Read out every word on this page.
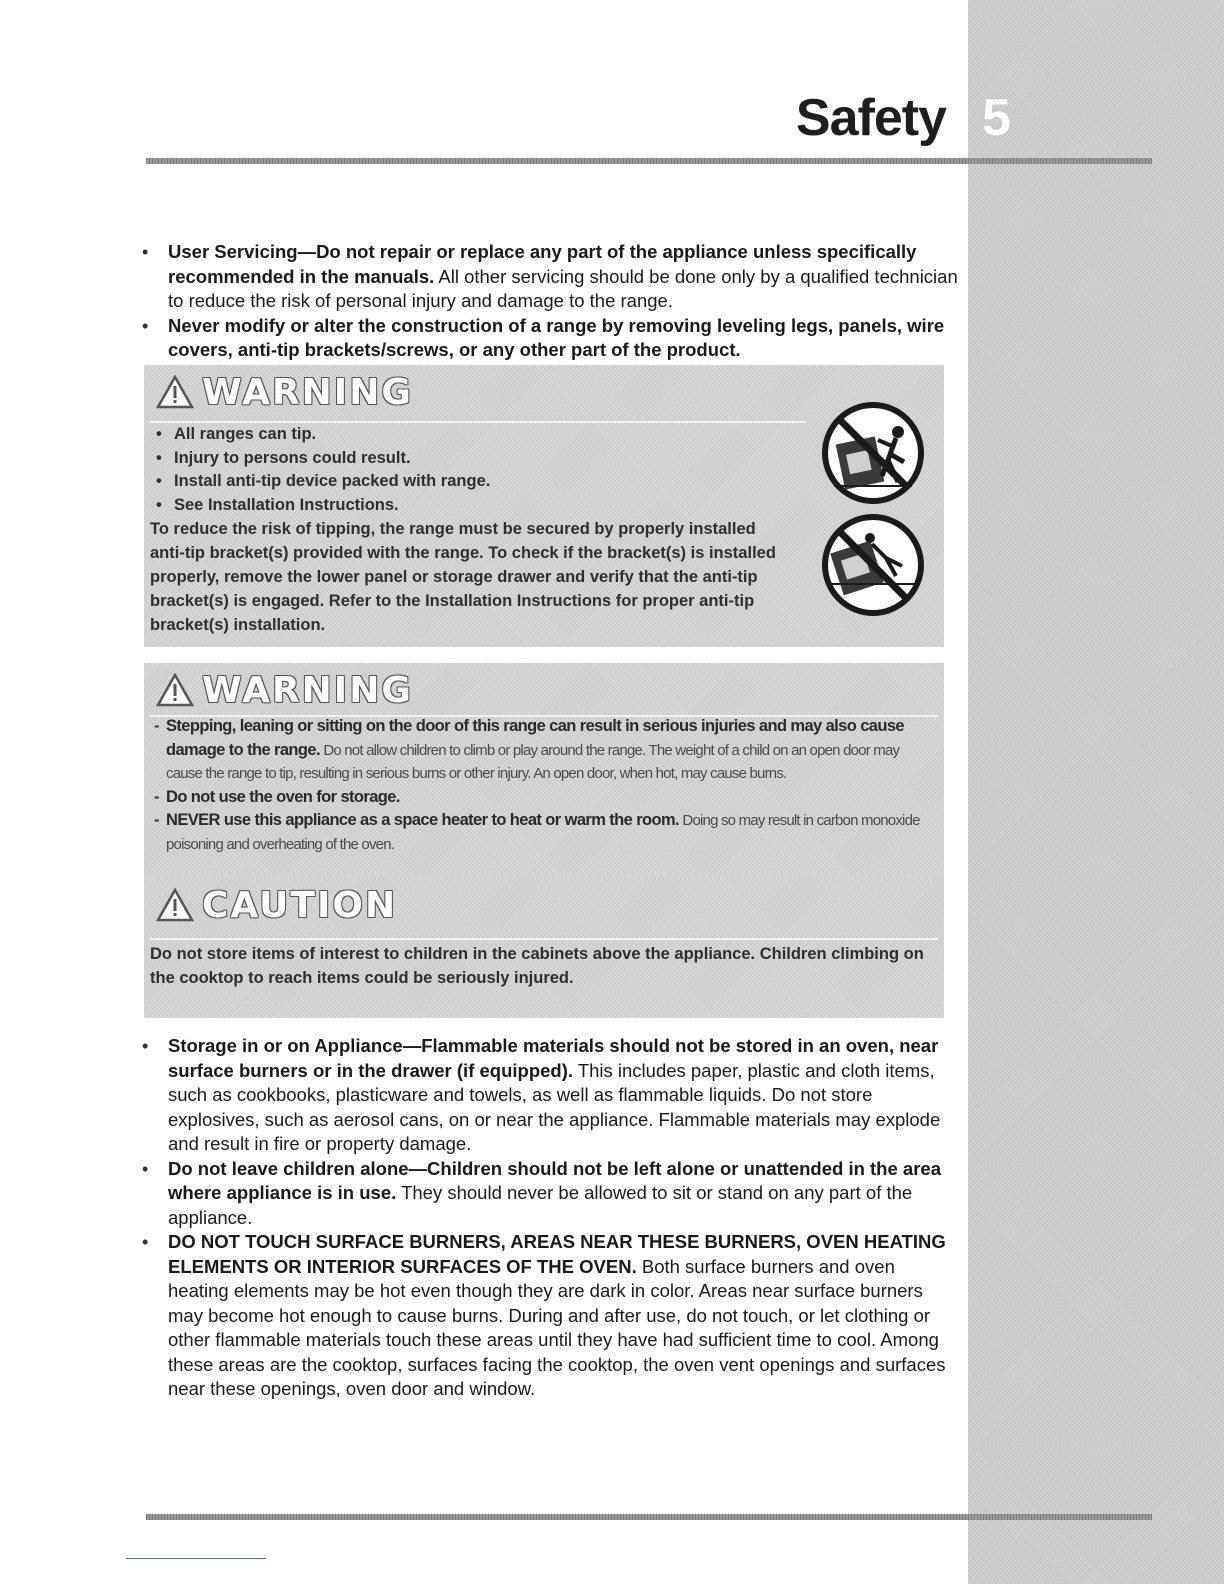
Safety 5
• User Servicing—Do not repair or replace any part of the appliance unless specifically recommended in the manuals. All other servicing should be done only by a qualified technician to reduce the risk of personal injury and damage to the range.
• Never modify or alter the construction of a range by removing leveling legs, panels, wire covers, anti-tip brackets/screws, or any other part of the product.
WARNING
• All ranges can tip.
• Injury to persons could result.
• Install anti-tip device packed with range.
• See Installation Instructions.
To reduce the risk of tipping, the range must be secured by properly installed anti-tip bracket(s) provided with the range. To check if the bracket(s) is installed properly, remove the lower panel or storage drawer and verify that the anti-tip bracket(s) is engaged. Refer to the Installation Instructions for proper anti-tip bracket(s) installation.
WARNING
- Stepping, leaning or sitting on the door of this range can result in serious injuries and may also cause damage to the range. Do not allow children to climb or play around the range. The weight of a child on an open door may cause the range to tip, resulting in serious burns or other injury. An open door, when hot, may cause burns.
- Do not use the oven for storage.
- NEVER use this appliance as a space heater to heat or warm the room. Doing so may result in carbon monoxide poisoning and overheating of the oven.
CAUTION
Do not store items of interest to children in the cabinets above the appliance. Children climbing on the cooktop to reach items could be seriously injured.
• Storage in or on Appliance—Flammable materials should not be stored in an oven, near surface burners or in the drawer (if equipped). This includes paper, plastic and cloth items, such as cookbooks, plasticware and towels, as well as flammable liquids. Do not store explosives, such as aerosol cans, on or near the appliance. Flammable materials may explode and result in fire or property damage.
• Do not leave children alone—Children should not be left alone or unattended in the area where appliance is in use. They should never be allowed to sit or stand on any part of the appliance.
• DO NOT TOUCH SURFACE BURNERS, AREAS NEAR THESE BURNERS, OVEN HEATING ELEMENTS OR INTERIOR SURFACES OF THE OVEN. Both surface burners and oven heating elements may be hot even though they are dark in color. Areas near surface burners may become hot enough to cause burns. During and after use, do not touch, or let clothing or other flammable materials touch these areas until they have had sufficient time to cool. Among these areas are the cooktop, surfaces facing the cooktop, the oven vent openings and surfaces near these openings, oven door and window.
